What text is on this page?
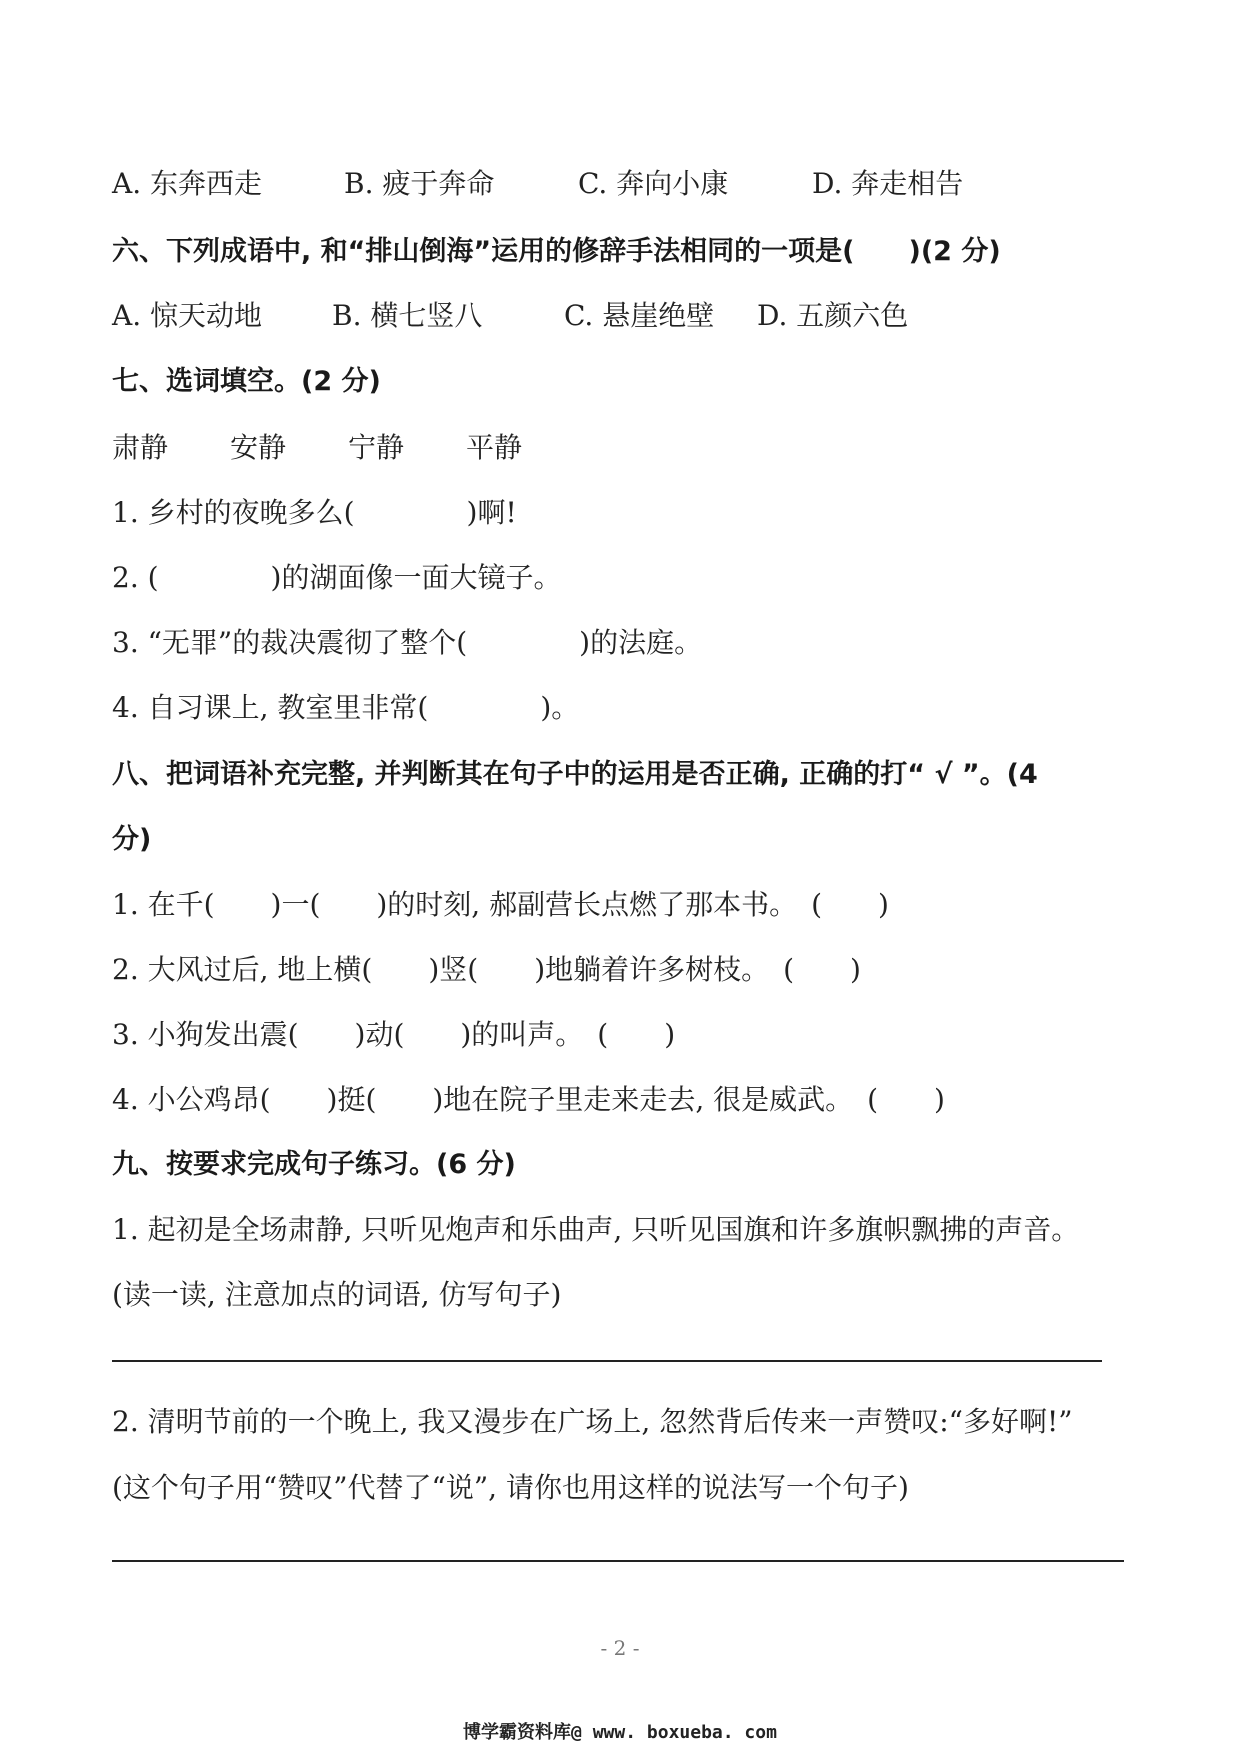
A. 东奔西走	B. 疲于奔命	C. 奔向小康	D. 奔走相告
六、下列成语中, 和“排山倒海”运用的修辞手法相同的一项是(　　)(2 分)
A. 惊天动地 B. 横七竖八	C. 悬崖绝壁 D. 五颜六色
七、选词填空。(2 分)
肃静 安静 宁静 平静
1. 乡村的夜晚多么(　　　　)啊!
2. (　　　　)的湖面像一面大镜子。
3. “无罪”的裁决震彻了整个(　　　　)的法庭。
4. 自习课上, 教室里非常(　　　　)。
八、把词语补充完整, 并判断其在句子中的运用是否正确, 正确的打“ √ ”。(4
分)
1. 在千(　　)一(　　)的时刻, 郝副营长点燃了那本书。　(　　)
2. 大风过后, 地上横(　　)竖(　　)地躺着许多树枝。　(　　)
3. 小狗发出震(　　)动(　　)的叫声。　(　　)
4. 小公鸡昂(　　)挺(　　)地在院子里走来走去, 很是威武。　(　　)
九、按要求完成句子练习。(6 分)
1. 起初是全场肃静, 只听见炮声和乐曲声, 只听见国旗和许多旗帜飘拂的声音。
(读一读, 注意加点的词语, 仿写句子)
2. 清明节前的一个晚上, 我又漫步在广场上, 忽然背后传来一声赞叹:“多好啊!”
(这个句子用“赞叹”代替了“说”, 请你也用这样的说法写一个句子)
- 2 -
博学霸资料库@ www. boxueba. com
